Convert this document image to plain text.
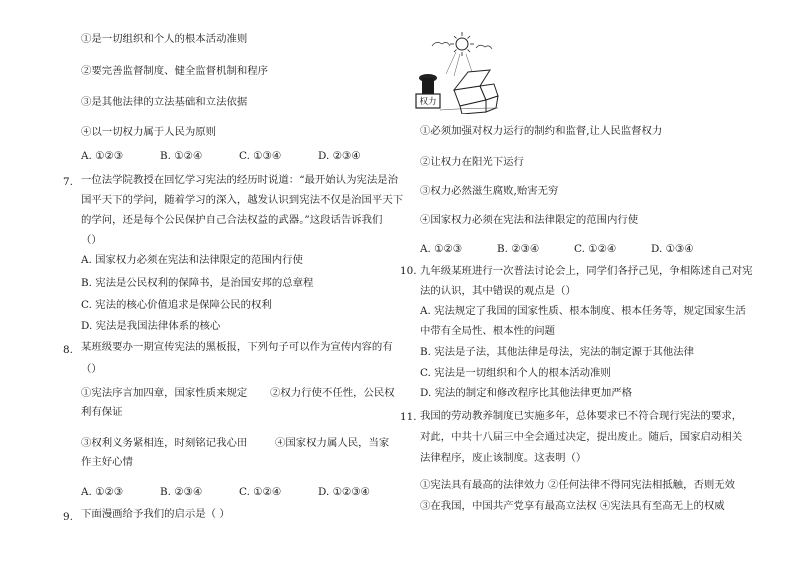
①是一切组织和个人的根本活动准则
②要完善监督制度、健全监督机制和程序
③是其他法律的立法基础和立法依据
④以一切权力属于人民为原则
A. ①②③	B. ①②④	C. ①③④	D. ②③④
7. 一位法学院教授在回忆学习宪法的经历时说道：“最开始认为宪法是治
国平天下的学问，随着学习的深入，越发认识到宪法不仅是治国平天下
的学问，还是每个公民保护自己合法权益的武器。”这段话告诉我们
（）
A. 国家权力必须在宪法和法律限定的范围内行使
B. 宪法是公民权利的保障书，是治国安邦的总章程
C. 宪法的核心价值追求是保障公民的权利
D. 宪法是我国法律体系的核心
8. 某班级要办一期宣传宪法的黑板报，下列句子可以作为宣传内容的有
（）
①宪法序言加四章，国家性质来规定 ②权力行使不任性，公民权
利有保证
③权利义务紧相连，时刻铭记我心田	④国家权力属人民，当家
作主好心情
A. ①②③	B. ②③④	C. ①②④	D. ①②③④
9. 下面漫画给予我们的启示是（ ）
权力
①必须加强对权力运行的制约和监督,让人民监督权力
②让权力在阳光下运行
③权力必然滋生腐败,贻害无穷
④国家权力必须在宪法和法律限定的范围内行使
A. ①②③	B. ②③④	C. ①②④	D. ①③④
10. 九年级某班进行一次普法讨论会上，同学们各抒己见，争相陈述自己对宪
法的认识，其中错误的观点是（）
A. 宪法规定了我国的国家性质、根本制度、根本任务等，规定国家生活
中带有全局性、根本性的问题
B. 宪法是子法，其他法律是母法，宪法的制定源于其他法律
C. 宪法是一切组织和个人的根本活动准则
D. 宪法的制定和修改程序比其他法律更加严格
11. 我国的劳动教养制度已实施多年，总体要求已不符合现行宪法的要求，
对此，中共十八届三中全会通过决定，提出废止。随后，国家启动相关
法律程序，废止该制度。这表明（）
①宪法具有最高的法律效力 ②任何法律不得同宪法相抵触，否则无效
③在我国，中国共产党享有最高立法权 ④宪法具有至高无上的权威
